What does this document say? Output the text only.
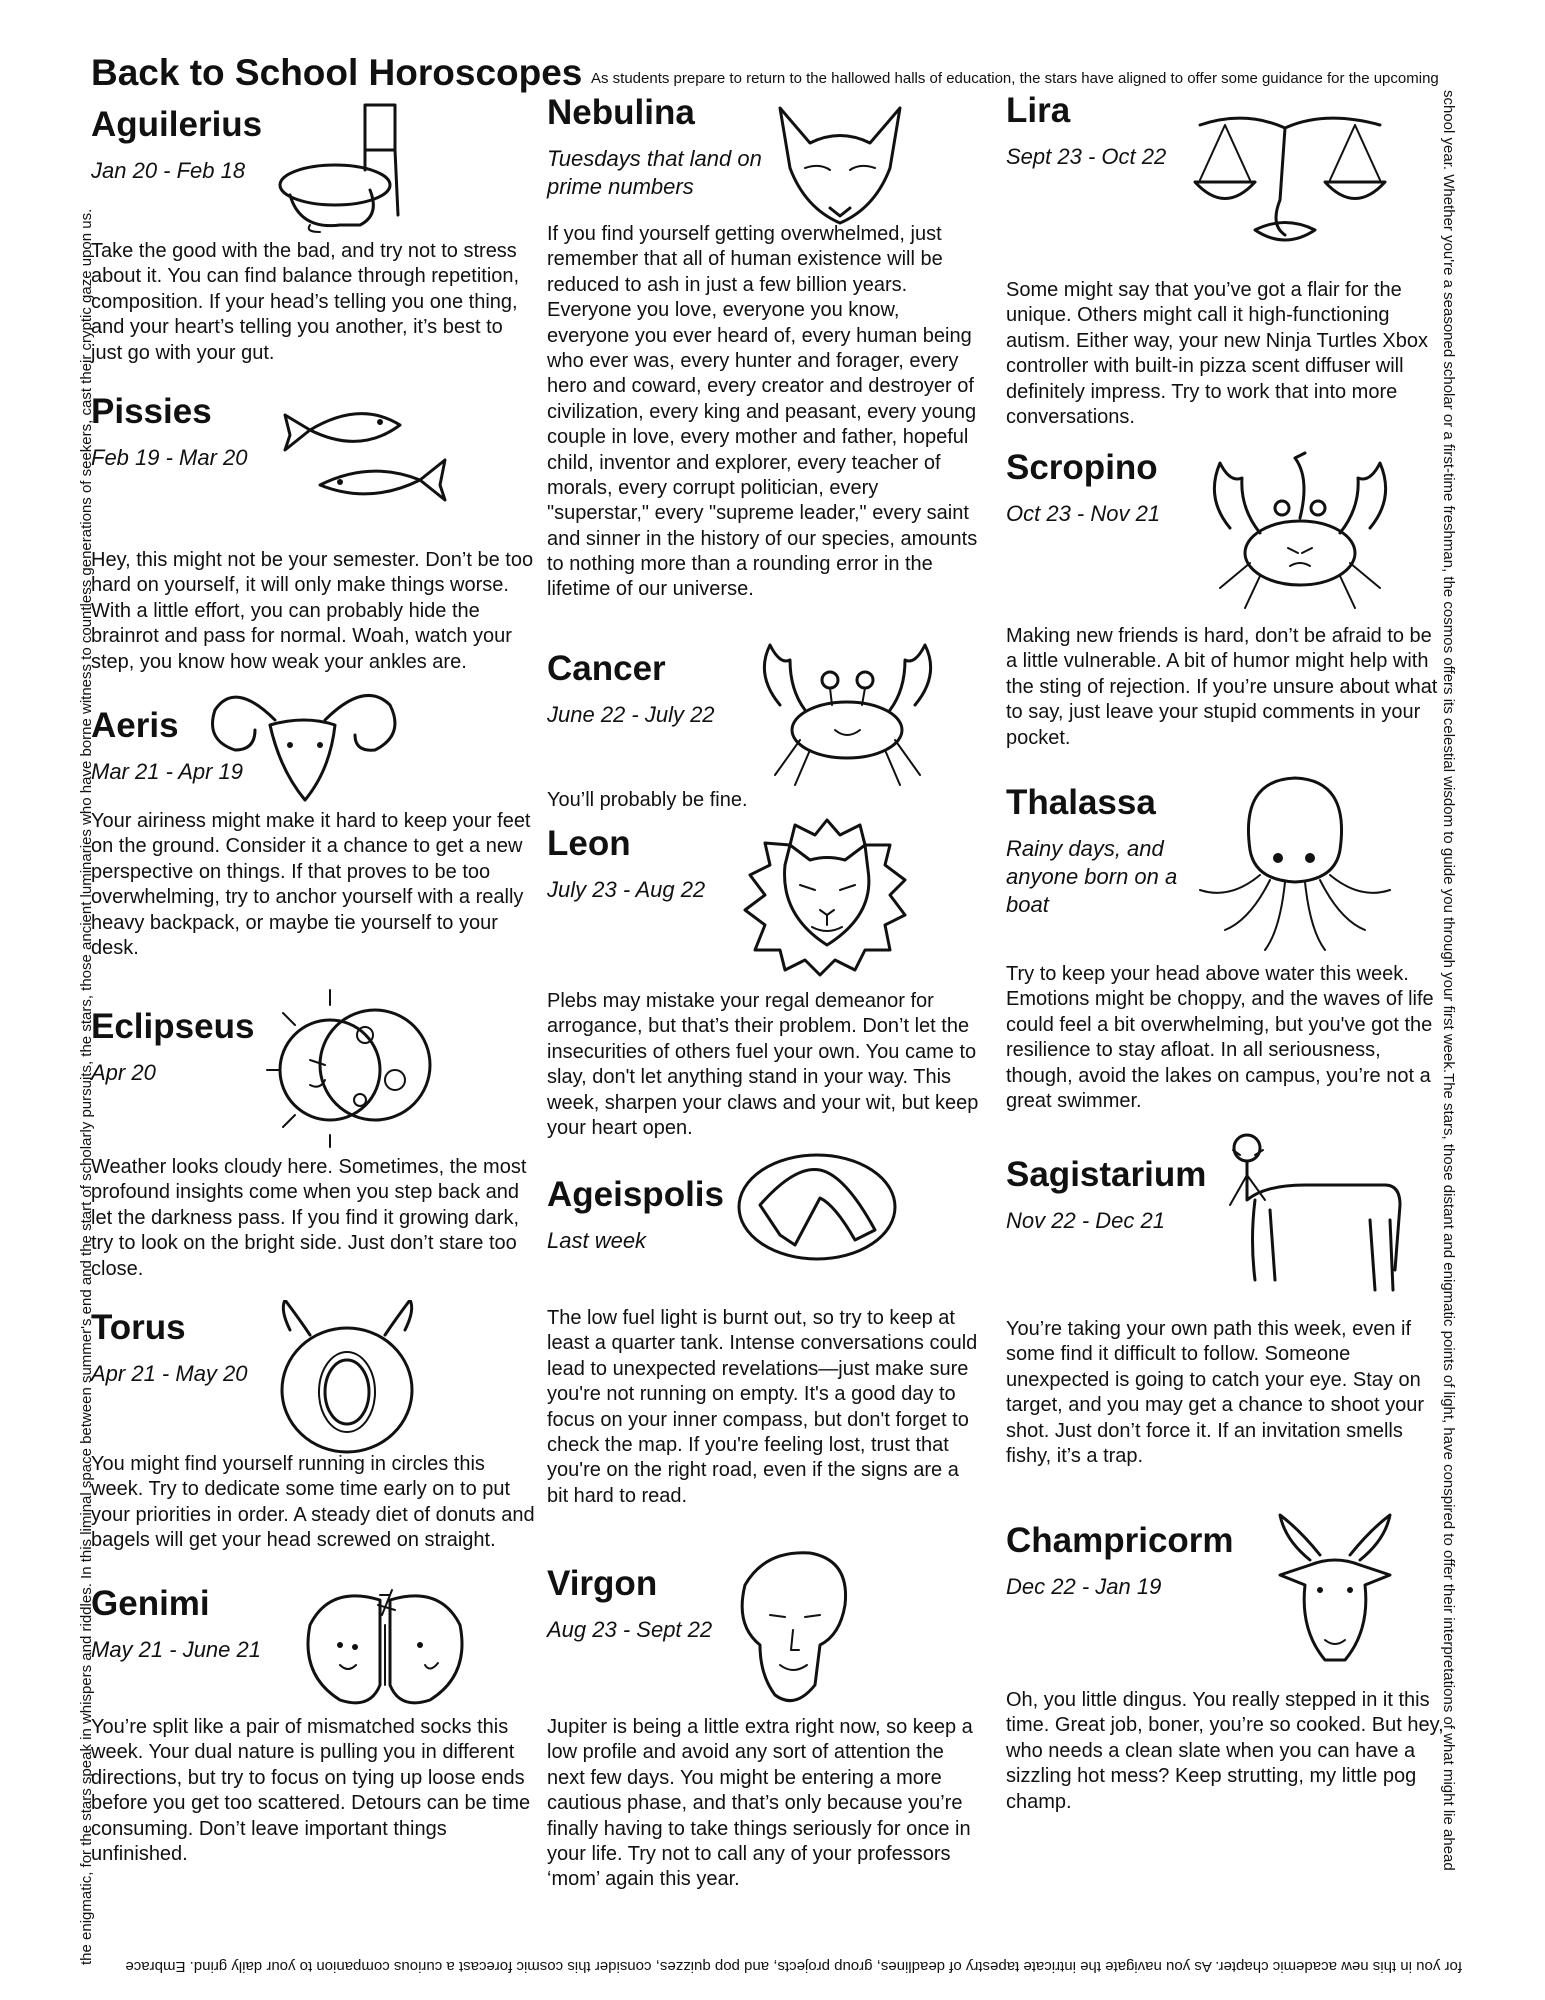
Back to School Horoscopes As students prepare to return to the hallowed halls of education, the stars have aligned to offer some guidance for the upcoming
school year. Whether you're a seasoned scholar or a first-time freshman, the cosmos offers its celestial wisdom to guide you through your first week.The stars, those distant and enigmatic points of light, have conspired to offer their interpretations of what might lie ahead
for you in this new academic chapter. As you navigate the intricate tapestry of deadlines, group projects, and pop quizzes, consider this cosmic forecast a curious companion to your daily grind. Embrace
the enigmatic, for the stars speak in whispers and riddles. In this liminal space between summer's end and the start of scholarly pursuits, the stars, those ancient luminaries who have borne witness to countless generations of seekers, cast their cryptic gaze upon us.
Aguilerius
Jan 20 - Feb 18
Take the good with the bad, and try not to stress about it. You can find balance through repetition, composition. If your head’s telling you one thing, and your heart’s telling you another, it’s best to just go with your gut.
Pissies
Feb 19 - Mar 20
Hey, this might not be your semester. Don’t be too hard on yourself, it will only make things worse. With a little effort, you can probably hide the brainrot and pass for normal. Woah, watch your step, you know how weak your ankles are.
Aeris
Mar 21 - Apr 19
Your airiness might make it hard to keep your feet on the ground. Consider it a chance to get a new perspective on things. If that proves to be too overwhelming, try to anchor yourself with a really heavy backpack, or maybe tie yourself to your desk.
Eclipseus
Apr 20
Weather looks cloudy here. Sometimes, the most profound insights come when you step back and let the darkness pass. If you find it growing dark, try to look on the bright side. Just don’t stare too close.
Torus
Apr 21 - May 20
You might find yourself running in circles this week. Try to dedicate some time early on to put your priorities in order. A steady diet of donuts and bagels will get your head screwed on straight.
Genimi
May 21 - June 21
You’re split like a pair of mismatched socks this week. Your dual nature is pulling you in different directions, but try to focus on tying up loose ends before you get too scattered. Detours can be time consuming. Don’t leave important things unfinished.
Nebulina
Tuesdays that land on prime numbers
If you find yourself getting overwhelmed, just remember that all of human existence will be reduced to ash in just a few billion years. Everyone you love, everyone you know, everyone you ever heard of, every human being who ever was, every hunter and forager, every hero and coward, every creator and destroyer of civilization, every king and peasant, every young couple in love, every mother and father, hopeful child, inventor and explorer, every teacher of morals, every corrupt politician, every "superstar," every "supreme leader," every saint and sinner in the history of our species, amounts to nothing more than a rounding error in the lifetime of our universe.
Cancer
June 22 - July 22
You’ll probably be fine.
Leon
July 23 - Aug 22
Plebs may mistake your regal demeanor for arrogance, but that’s their problem. Don’t let the insecurities of others fuel your own. You came to slay, don't let anything stand in your way. This week, sharpen your claws and your wit, but keep your heart open.
Ageispolis
Last week
The low fuel light is burnt out, so try to keep at least a quarter tank. Intense conversations could lead to unexpected revelations—just make sure you're not running on empty. It's a good day to focus on your inner compass, but don't forget to check the map. If you're feeling lost, trust that you're on the right road, even if the signs are a bit hard to read.
Virgon
Aug 23 - Sept 22
Jupiter is being a little extra right now, so keep a low profile and avoid any sort of attention the next few days. You might be entering a more cautious phase, and that’s only because you’re finally having to take things seriously for once in your life. Try not to call any of your professors ‘mom’ again this year.
Lira
Sept 23 - Oct 22
Some might say that you’ve got a flair for the unique. Others might call it high-functioning autism. Either way, your new Ninja Turtles Xbox controller with built-in pizza scent diffuser will definitely impress. Try to work that into more conversations.
Scropino
Oct 23 - Nov 21
Making new friends is hard, don’t be afraid to be a little vulnerable. A bit of humor might help with the sting of rejection. If you’re unsure about what to say, just leave your stupid comments in your pocket.
Thalassa
Rainy days, and anyone born on a boat
Try to keep your head above water this week. Emotions might be choppy, and the waves of life could feel a bit overwhelming, but you've got the resilience to stay afloat. In all seriousness, though, avoid the lakes on campus, you’re not a great swimmer.
Sagistarium
Nov 22 - Dec 21
You’re taking your own path this week, even if some find it difficult to follow. Someone unexpected is going to catch your eye. Stay on target, and you may get a chance to shoot your shot. Just don’t force it. If an invitation smells fishy, it’s a trap.
Champricorm
Dec 22 - Jan 19
Oh, you little dingus. You really stepped in it this time. Great job, boner, you’re so cooked. But hey, who needs a clean slate when you can have a sizzling hot mess? Keep strutting, my little pog champ.
